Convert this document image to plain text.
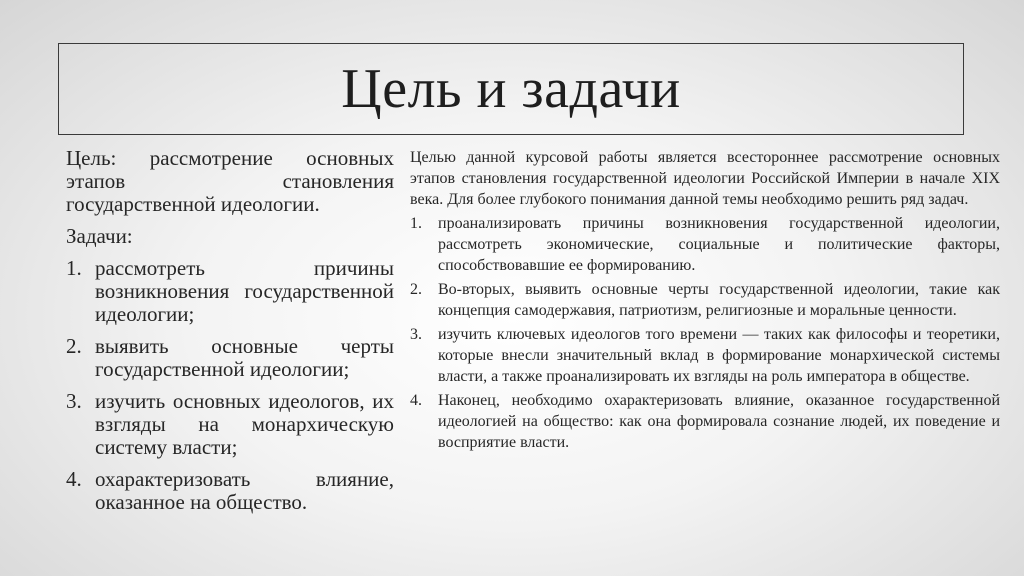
Цель и задачи

Цель: рассмотрение основных этапов становления государственной идеологии.

Задачи:

1. рассмотреть причины возникновения государственной идеологии;
2. выявить основные черты государственной идеологии;
3. изучить основных идеологов, их взгляды на монархическую систему власти;
4. охарактеризовать влияние, оказанное на общество.

Целью данной курсовой работы является всестороннее рассмотрение основных этапов становления государственной идеологии Российской Империи в начале XIX века. Для более глубокого понимания данной темы необходимо решить ряд задач.

1.	проанализировать причины возникновения государственной идеологии, рассмотреть экономические, социальные и политические факторы, способствовавшие ее формированию.
2.	Во-вторых, выявить основные черты государственной идеологии, такие как концепция самодержавия, патриотизм, религиозные и моральные ценности.
3.	изучить ключевых идеологов того времени — таких как философы и теоретики, которые внесли значительный вклад в формирование монархической системы власти, а также проанализировать их взгляды на роль императора в обществе.
4.	Наконец, необходимо охарактеризовать влияние, оказанное государственной идеологией на общество: как она формировала сознание людей, их поведение и восприятие власти.
